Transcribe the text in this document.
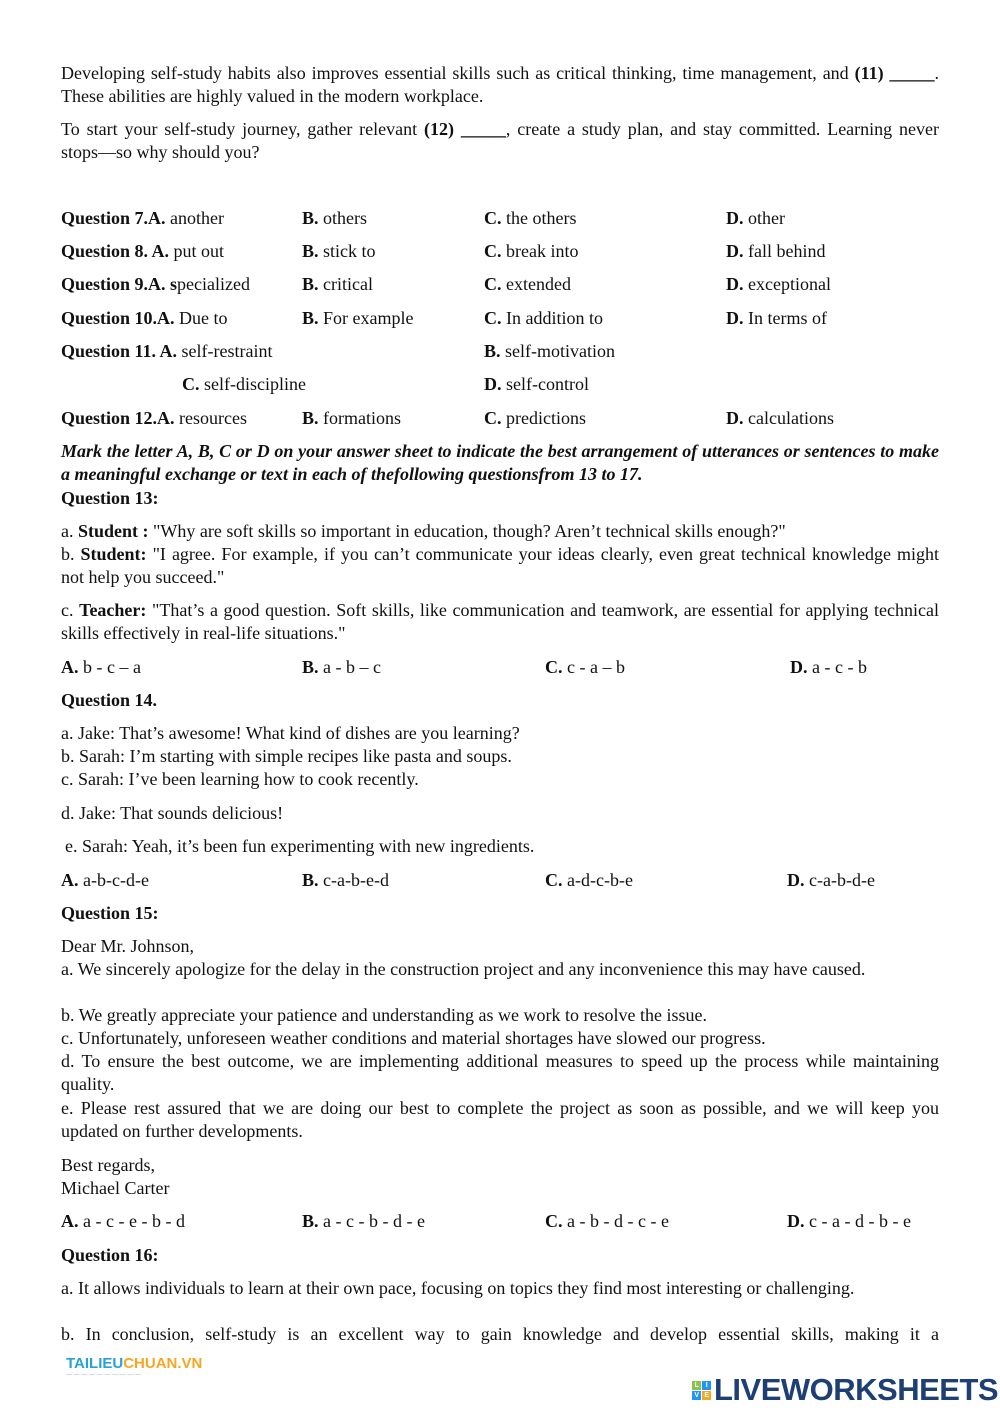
Developing self-study habits also improves essential skills such as critical thinking, time management, and (11) _____. These abilities are highly valued in the modern workplace.
To start your self-study journey, gather relevant (12) _____, create a study plan, and stay committed. Learning never stops—so why should you?
Question 7.A. another	B. others	C. the others	D. other
Question 8. A. put out	B. stick to	C. break into	D. fall behind
Question 9.A. specialized	B. critical	C. extended	D. exceptional
Question 10.A. Due to	B. For example	C. In addition to	D. In terms of
Question 11. A. self-restraint	B. self-motivation
C. self-discipline	D. self-control
Question 12.A. resources	B. formations	C. predictions	D. calculations
Mark the letter A, B, C or D on your answer sheet to indicate the best arrangement of utterances or sentences to make a meaningful exchange or text in each of thefollowing questionsfrom 13 to 17.
Question 13:
a. Student : "Why are soft skills so important in education, though? Aren’t technical skills enough?"
b. Student: "I agree. For example, if you can’t communicate your ideas clearly, even great technical knowledge might not help you succeed."
c. Teacher: "That’s a good question. Soft skills, like communication and teamwork, are essential for applying technical skills effectively in real-life situations."
A. b - c – a	B. a - b – c	C. c - a – b	D. a - c - b
Question 14.
a. Jake: That’s awesome! What kind of dishes are you learning?
b. Sarah: I’m starting with simple recipes like pasta and soups.
c. Sarah: I’ve been learning how to cook recently.
d. Jake: That sounds delicious!
e. Sarah: Yeah, it’s been fun experimenting with new ingredients.
A. a-b-c-d-e	B. c-a-b-e-d	C. a-d-c-b-e	D. c-a-b-d-e
Question 15:
Dear Mr. Johnson,
a. We sincerely apologize for the delay in the construction project and any inconvenience this may have caused.
b. We greatly appreciate your patience and understanding as we work to resolve the issue.
c. Unfortunately, unforeseen weather conditions and material shortages have slowed our progress.
d. To ensure the best outcome, we are implementing additional measures to speed up the process while maintaining quality.
e. Please rest assured that we are doing our best to complete the project as soon as possible, and we will keep you updated on further developments.
Best regards,
Michael Carter
A. a - c - e - b - d	B. a - c - b - d - e	C. a - b - d - c - e	D. c - a - d - b - e
Question 16:
a. It allows individuals to learn at their own pace, focusing on topics they find most interesting or challenging.
b. In conclusion, self-study is an excellent way to gain knowledge and develop essential skills, making it a
TAILIEUCHUAN.VN
— — — — — — — — — —
L	I
V E LIVEWORKSHEETS
